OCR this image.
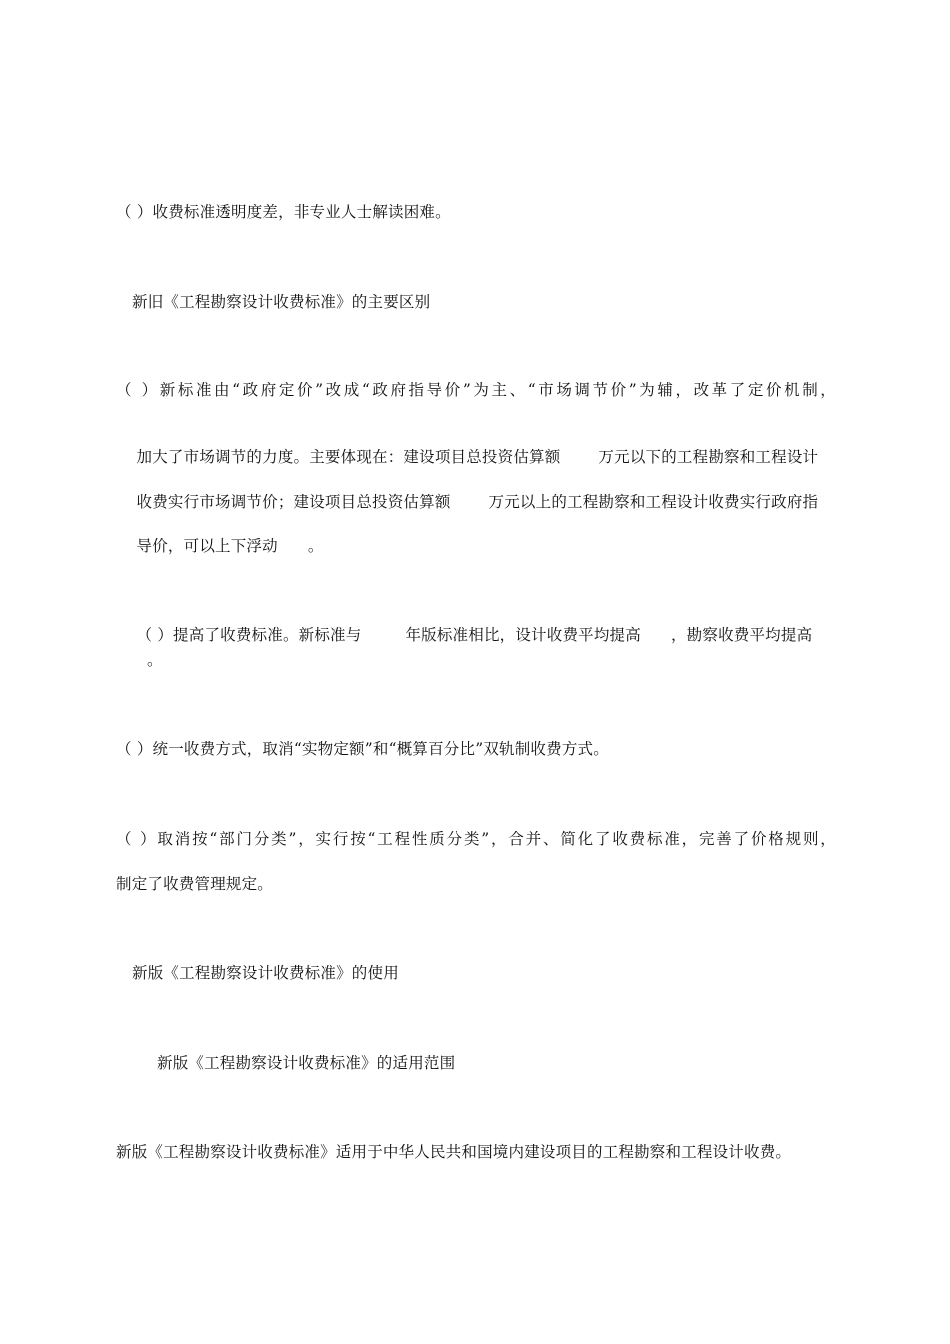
（ ）收费标准透明度差，非专业人士解读困难。
新旧《工程勘察设计收费标准》的主要区别
（ ）新标准由“政府定价”改成“政府指导价”为主、“市场调节价”为辅，改革了定价机制，

加大了市场调节的力度。主要体现在：建设项目总投资估算额 万元以下的工程勘察和工程设计

收费实行市场调节价；建设项目总投资估算额 万元以上的工程勘察和工程设计收费实行政府指

导价，可以上下浮动 。

（ ）提高了收费标准。新标准与	年版标准相比，设计收费平均提高 ，勘察收费平均提高

。
（ ）统一收费方式，取消“实物定额”和“概算百分比”双轨制收费方式。
（ ）取消按“部门分类”，实行按“工程性质分类”，合并、简化了收费标准，完善了价格规则，
制定了收费管理规定。
新版《工程勘察设计收费标准》的使用
新版《工程勘察设计收费标准》的适用范围
新版《工程勘察设计收费标准》适用于中华人民共和国境内建设项目的工程勘察和工程设计收费。
